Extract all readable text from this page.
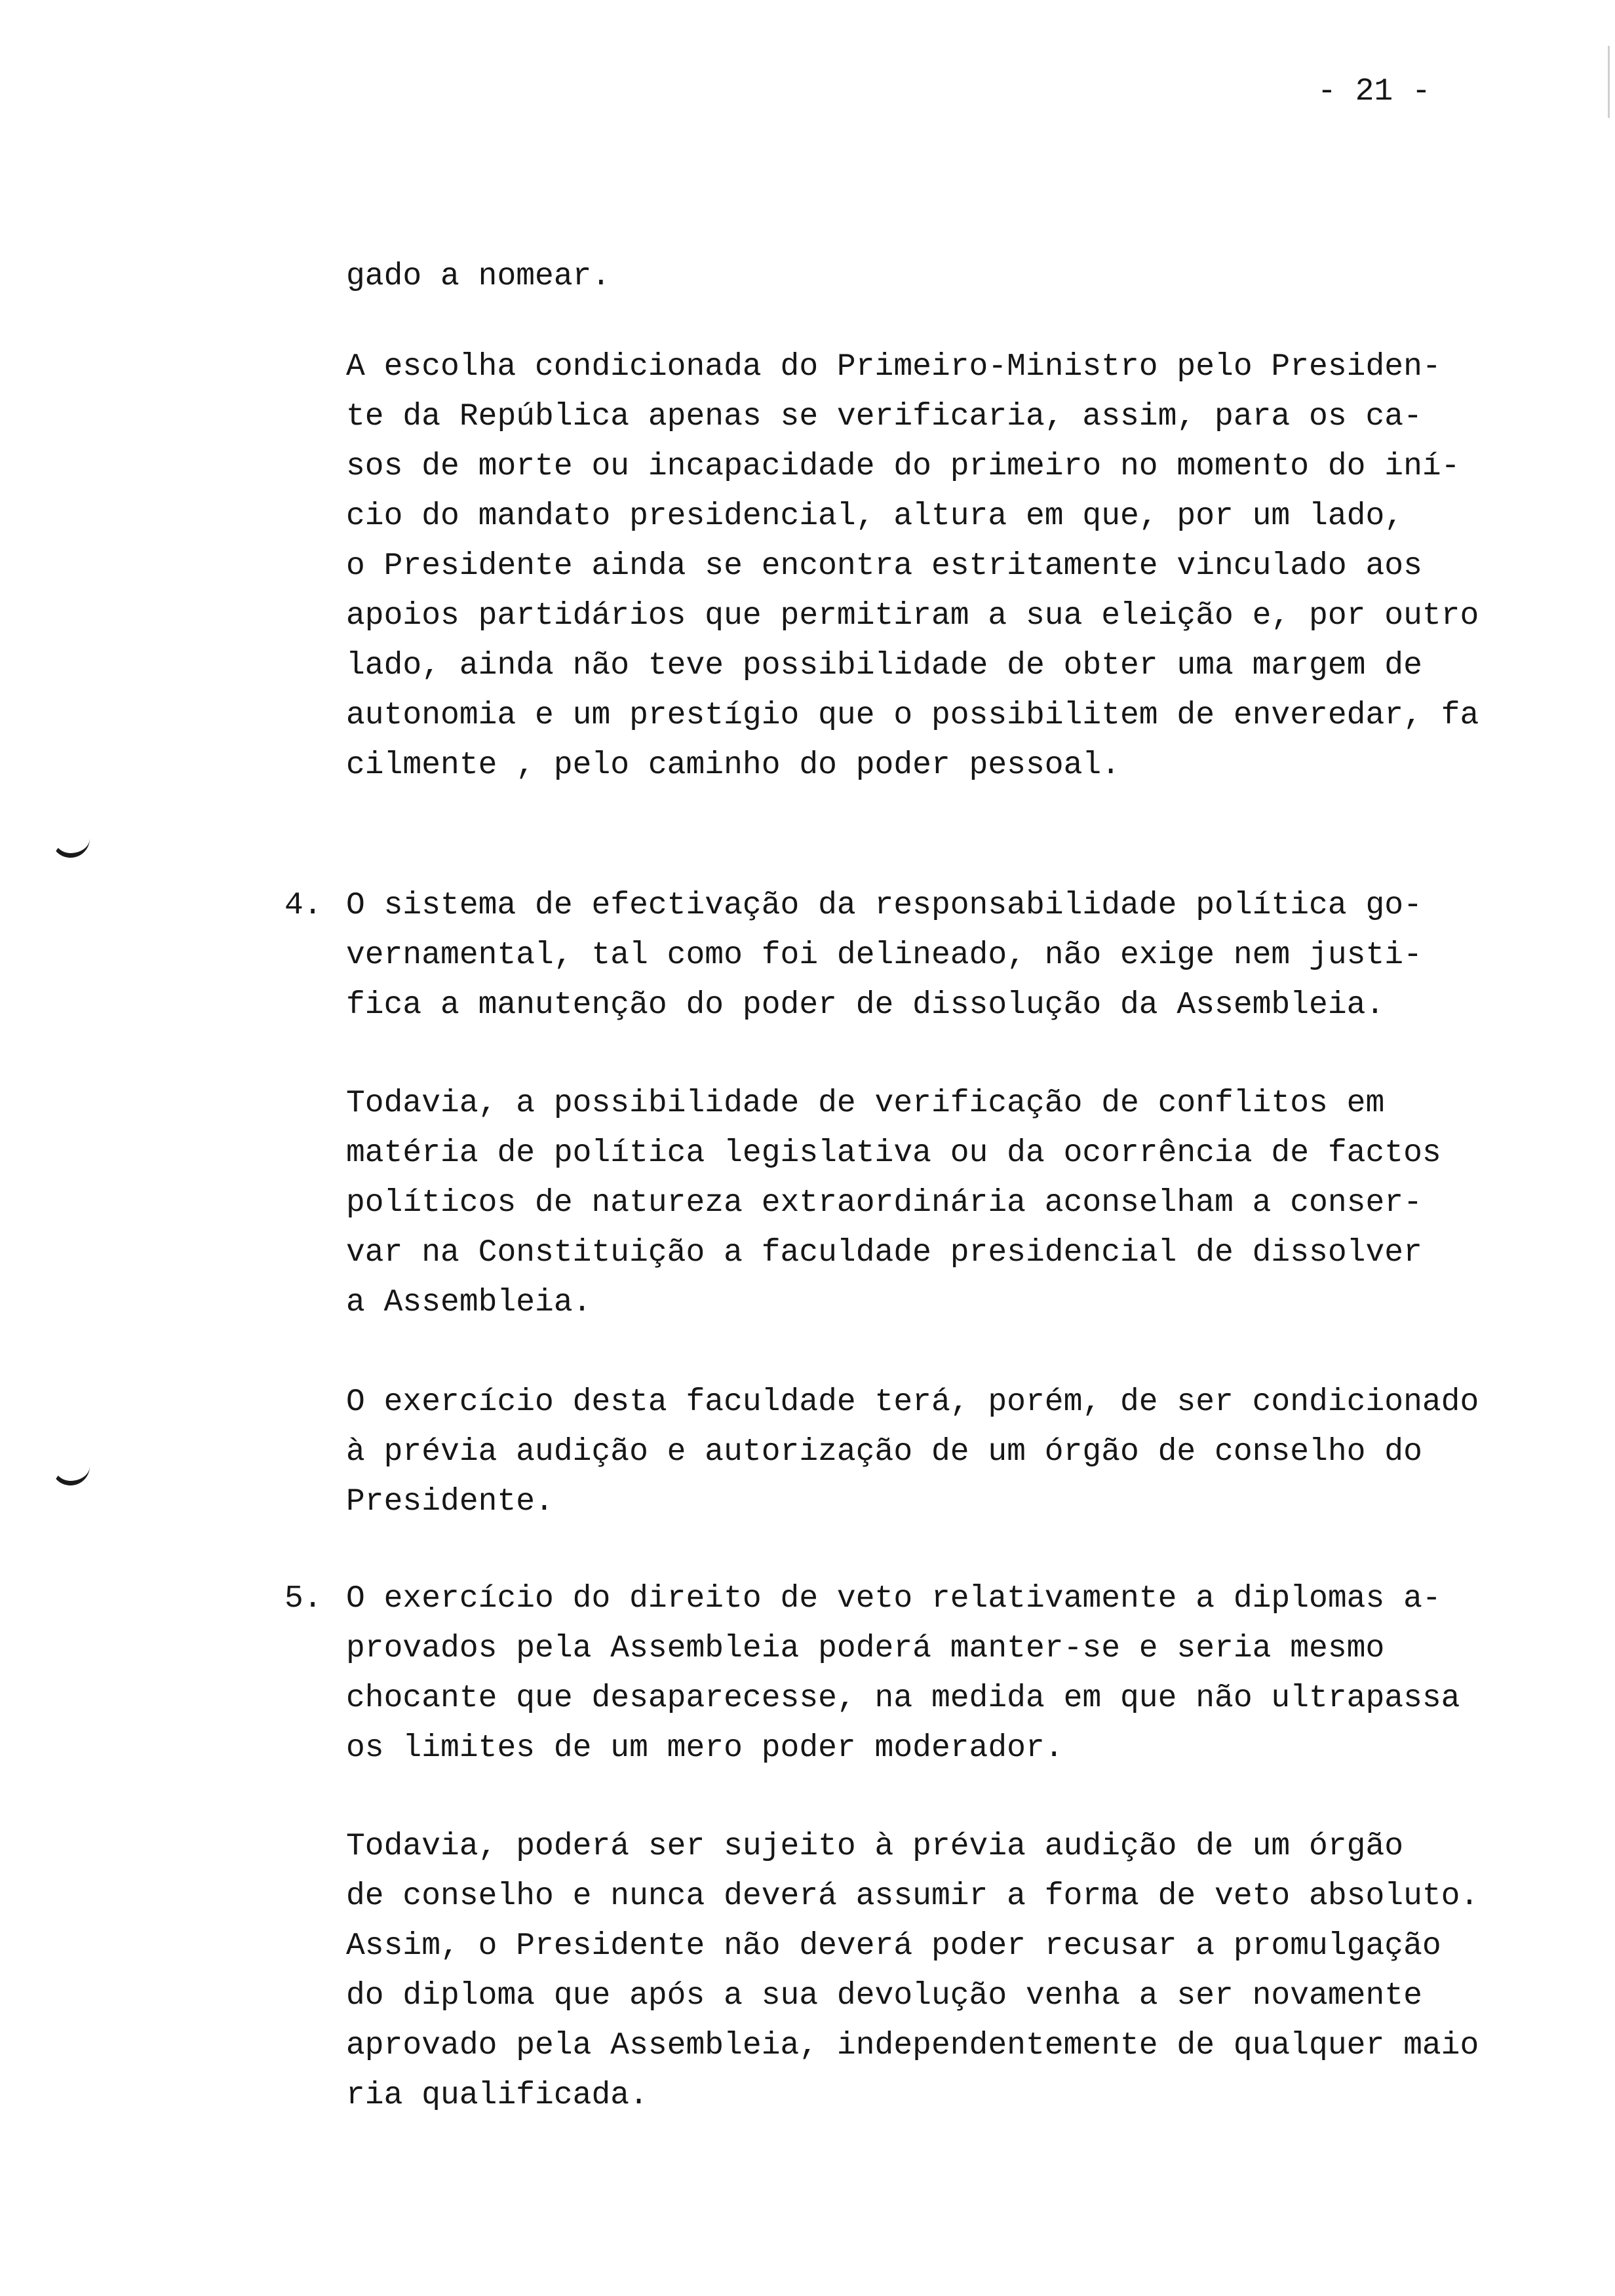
- 21 -
gado a nomear.
A escolha condicionada do Primeiro-Ministro pelo Presiden-
te da República apenas se verificaria, assim, para os ca-
sos de morte ou incapacidade do primeiro no momento do iní-
cio do mandato presidencial, altura em que, por um lado,
o Presidente ainda se encontra estritamente vinculado aos
apoios partidários que permitiram a sua eleição e, por outro
lado, ainda não teve possibilidade de obter uma margem de
autonomia e um prestígio que o possibilitem de enveredar, fa
cilmente , pelo caminho do poder pessoal.
4. O sistema de efectivação da responsabilidade política go-
vernamental, tal como foi delineado, não exige nem justi-
fica a manutenção do poder de dissolução da Assembleia.
Todavia, a possibilidade de verificação de conflitos em
matéria de política legislativa ou da ocorrência de factos
políticos de natureza extraordinária aconselham a conser-
var na Constituição a faculdade presidencial de dissolver
a Assembleia.
O exercício desta faculdade terá, porém, de ser condicionado
à prévia audição e autorização de um órgão de conselho do
Presidente.
5. O exercício do direito de veto relativamente a diplomas a-
provados pela Assembleia poderá manter-se e seria mesmo
chocante que desaparecesse, na medida em que não ultrapassa
os limites de um mero poder moderador.
Todavia, poderá ser sujeito à prévia audição de um órgão
de conselho e nunca deverá assumir a forma de veto absoluto.
Assim, o Presidente não deverá poder recusar a promulgação
do diploma que após a sua devolução venha a ser novamente
aprovado pela Assembleia, independentemente de qualquer maio
ria qualificada.
